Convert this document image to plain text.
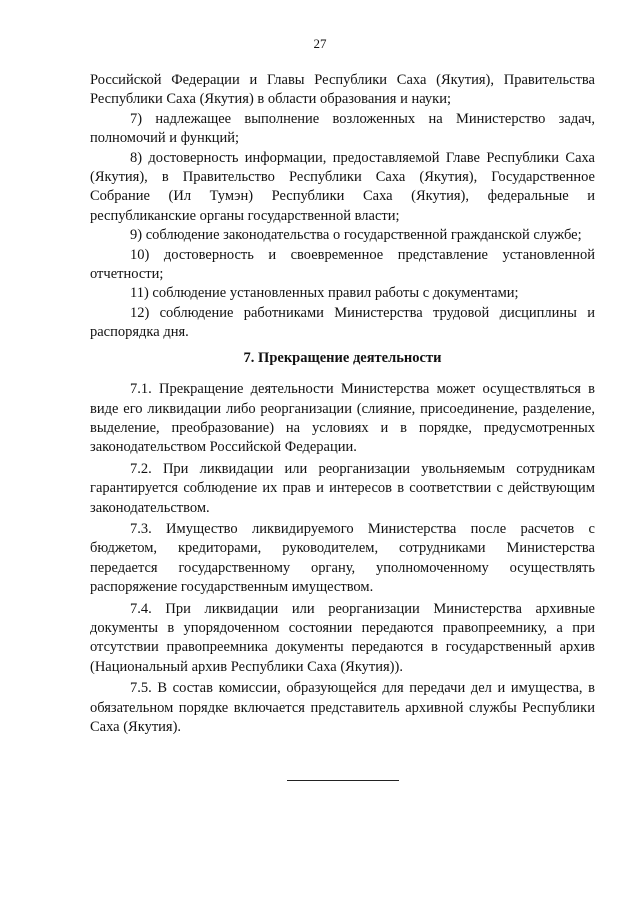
27

Российской Федерации и Главы Республики Саха (Якутия), Правительства Республики Саха (Якутия) в области образования и науки;

7) надлежащее выполнение возложенных на Министерство задач, полномочий и функций;

8) достоверность информации, предоставляемой Главе Республики Саха (Якутия), в Правительство Республики Саха (Якутия), Государственное Собрание (Ил Тумэн) Республики Саха (Якутия), федеральные и республиканские органы государственной власти;

9) соблюдение законодательства о государственной гражданской службе;

10) достоверность и своевременное представление установленной отчетности;

11) соблюдение установленных правил работы с документами;

12) соблюдение работниками Министерства трудовой дисциплины и распорядка дня.

7. Прекращение деятельности

7.1. Прекращение деятельности Министерства может осуществляться в виде его ликвидации либо реорганизации (слияние, присоединение, разделение, выделение, преобразование) на условиях и в порядке, предусмотренных законодательством Российской Федерации.

7.2. При ликвидации или реорганизации увольняемым сотрудникам гарантируется соблюдение их прав и интересов в соответствии с действующим законодательством.

7.3. Имущество ликвидируемого Министерства после расчетов с бюджетом, кредиторами, руководителем, сотрудниками Министерства передается государственному органу, уполномоченному осуществлять распоряжение государственным имуществом.

7.4. При ликвидации или реорганизации Министерства архивные документы в упорядоченном состоянии передаются правопреемнику, а при отсутствии правопреемника документы передаются в государственный архив (Национальный архив Республики Саха (Якутия)).

7.5. В состав комиссии, образующейся для передачи дел и имущества, в обязательном порядке включается представитель архивной службы Республики Саха (Якутия).
